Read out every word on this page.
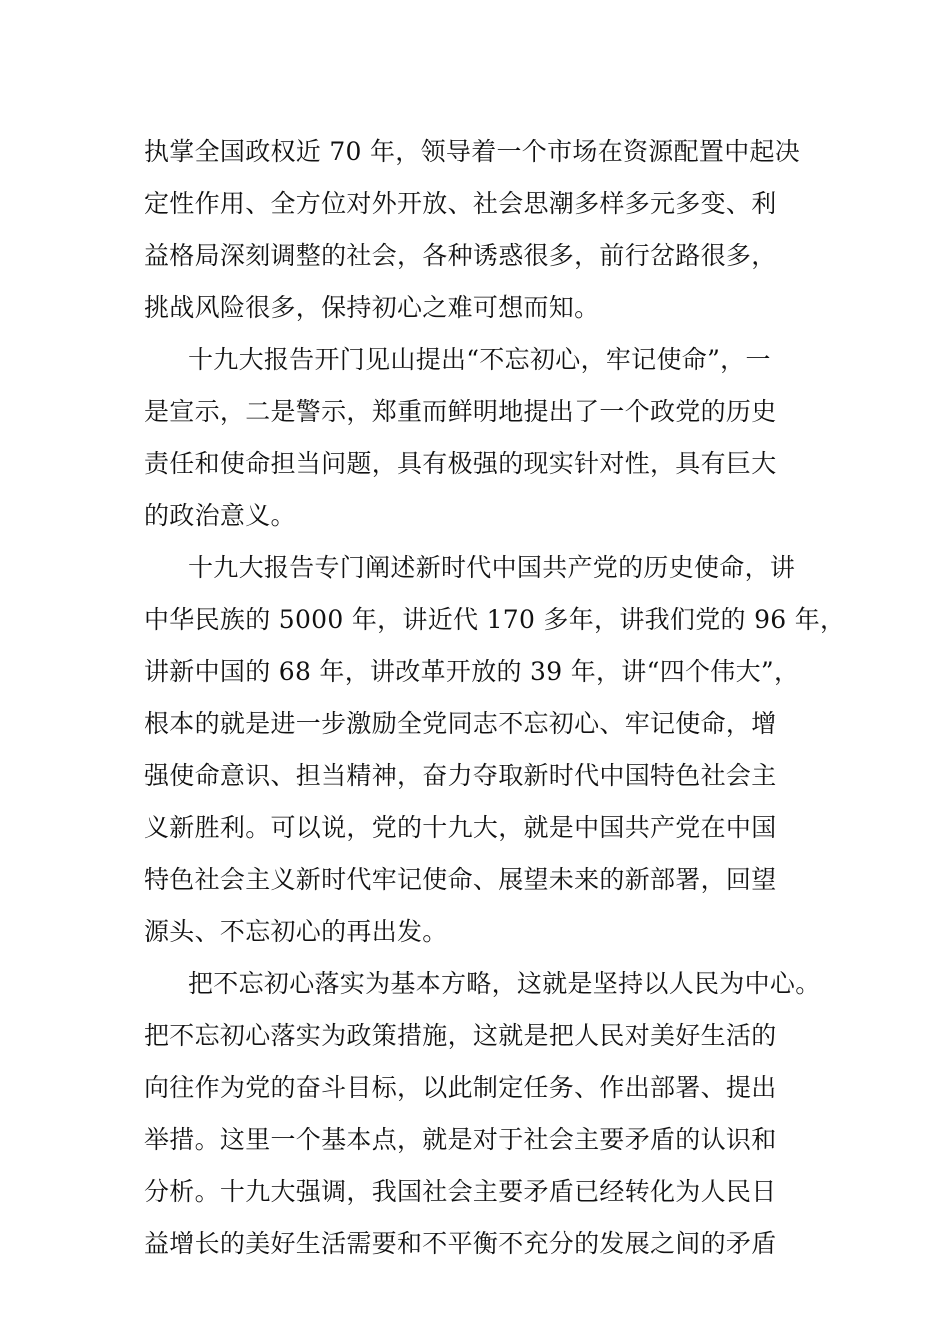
执掌全国政权近 70 年，领导着一个市场在资源配置中起决
定性作用、全方位对外开放、社会思潮多样多元多变、利
益格局深刻调整的社会，各种诱惑很多，前行岔路很多，
挑战风险很多，保持初心之难可想而知。
十九大报告开门见山提出“不忘初心，牢记使命”，一
是宣示，二是警示，郑重而鲜明地提出了一个政党的历史
责任和使命担当问题，具有极强的现实针对性，具有巨大
的政治意义。
十九大报告专门阐述新时代中国共产党的历史使命，讲
中华民族的 5000 年，讲近代 170 多年，讲我们党的 96 年，
讲新中国的 68 年，讲改革开放的 39 年，讲“四个伟大”，
根本的就是进一步激励全党同志不忘初心、牢记使命，增
强使命意识、担当精神，奋力夺取新时代中国特色社会主
义新胜利。可以说，党的十九大，就是中国共产党在中国
特色社会主义新时代牢记使命、展望未来的新部署，回望
源头、不忘初心的再出发。
把不忘初心落实为基本方略，这就是坚持以人民为中心。
把不忘初心落实为政策措施，这就是把人民对美好生活的
向往作为党的奋斗目标，以此制定任务、作出部署、提出
举措。这里一个基本点，就是对于社会主要矛盾的认识和
分析。十九大强调，我国社会主要矛盾已经转化为人民日
益增长的美好生活需要和不平衡不充分的发展之间的矛盾
